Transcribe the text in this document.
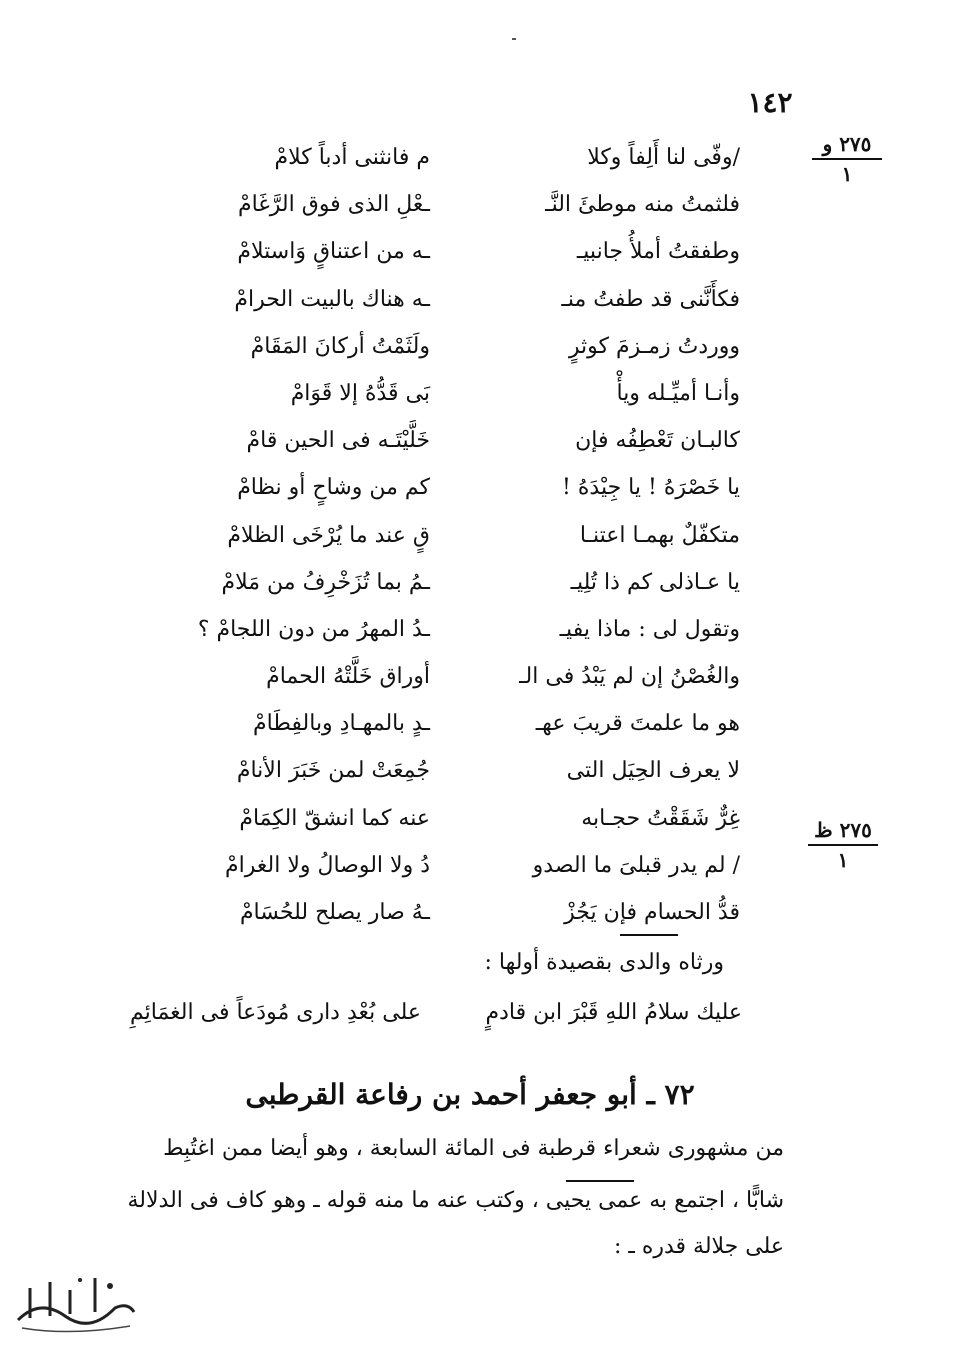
١٤٢
٢٧٥ و
١
٢٧٥ ظ
١
/وفّى لنا أَلِفاً وكلا
م فانثنى أدباً كلامْ
فلثمتُ منه موطئَ النَّـ
ـعْلِ الذى فوق الرَّغَامْ
وطفقتُ أملأُ جانبيـ
ـه من اعتناقٍ وَاستلامْ
فكأَنَّنى قد طفتُ منـ
ـه هناك بالبيت الحرامْ
ووردتُ زمـزمَ كوثرٍ
ولَثَمْتُ أركانَ المَقَامْ
وأنـا أميِّـله ويأْ
بَى قَدُّهُ إلا قَوَامْ
كالبـان تَعْطِفُه فإن
خَلَّيْتَـه فى الحين قامْ
يا خَصْرَهُ ! يا جِيْدَهُ !
كم من وشاحٍ أو نظامْ
متكفّلٌ بهمـا اعتنـا
قٍ عند ما يُرْخَى الظلامْ
يا عـاذلى كم ذا تُلِيـ
ـمُ بما تُزَخْرِفُ من مَلامْ
وتقول لى : ماذا يفيـ
ـدُ المهرُ من دون اللجامْ ؟
والغُصْنُ إن لم يَبْدُ فى الـ
أوراق خَلَّتْهُ الحمامْ
هو ما علمتَ قريبَ عهـ
ـدٍ بالمهـادِ وبالفِطَامْ
لا يعرف الحِيَل التى
جُمِعَتْ لمن خَبَرَ الأنامْ
غِرٌّ شَقَقْتُ حجـابه
عنه كما انشقّ الكِمَامْ
/ لم يدر قبلىَ ما الصدو
دُ ولا الوصالُ ولا الغرامْ
قدُّ الحسام فإن يَجُزْ
ـهُ صار يصلح للحُسَامْ
ورثاه والدى بقصيدة أولها :
عليك سلامُ اللهِ قَبْرَ ابن قادمٍ
على بُعْدِ دارى مُودَعاً فى الغمَائِمِ
٧٢ ـ أبو جعفر أحمد بن رفاعة القرطبى
من مشهورى شعراء قرطبة فى المائة السابعة ، وهو أيضا ممن اغتُبِط
شابًّا ، اجتمع به عمى يحيى ، وكتب عنه ما منه قوله ـ وهو كاف فى الدلالة
على جلالة قدره ـ :
